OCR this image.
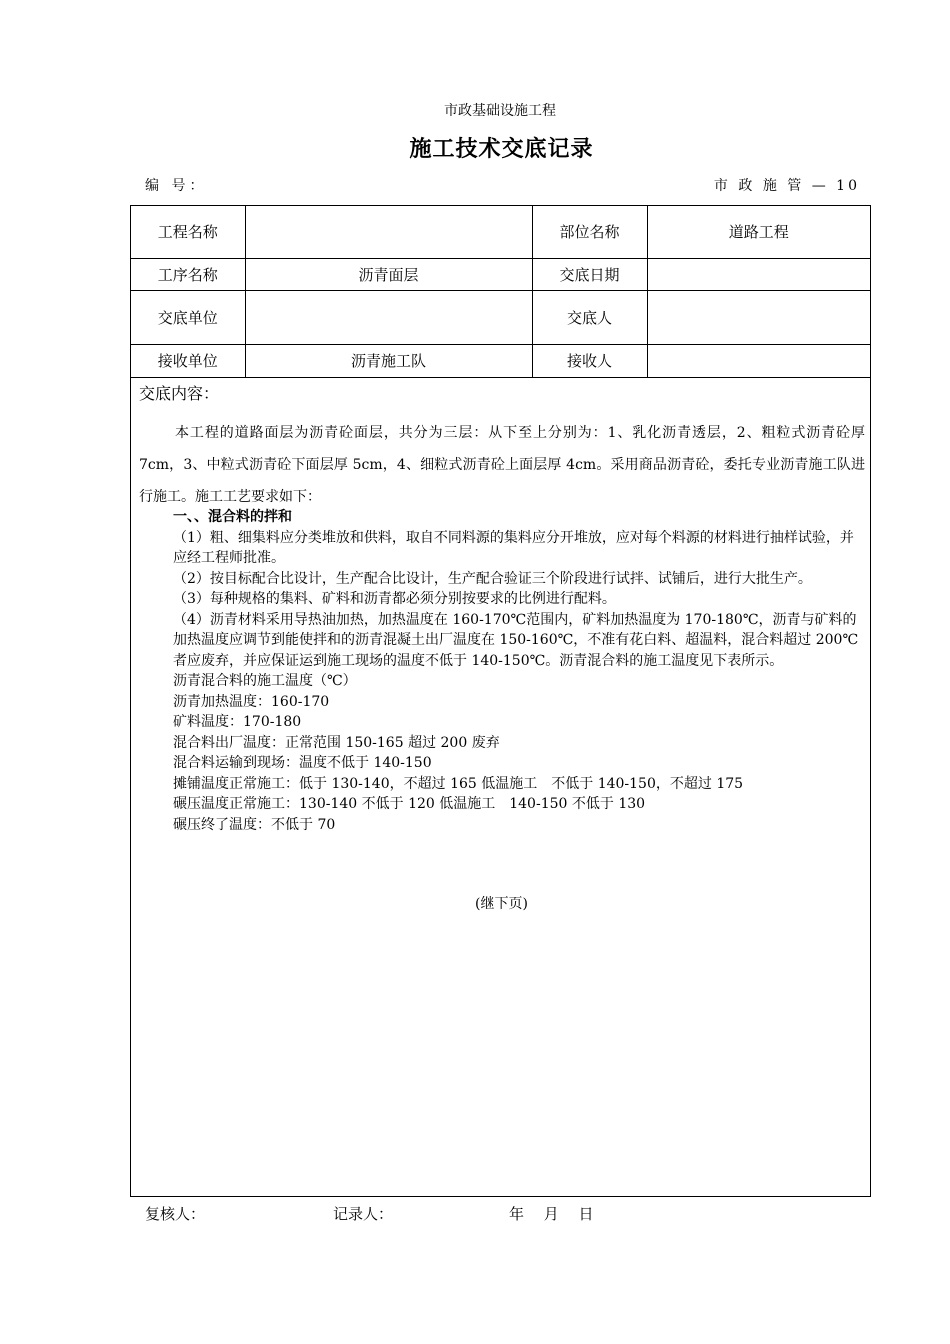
市政基础设施工程
施工技术交底记录
编 号：	市 政 施 管 — 10
工程名称		部位名称	道路工程
工序名称	沥青面层	交底日期	
交底单位		交底人	
接收单位	沥青施工队	接收人	
交底内容：
本工程的道路面层为沥青砼面层，共分为三层：从下至上分别为：1、乳化沥青透层，2、粗粒式沥青砼厚 7cm，3、中粒式沥青砼下面层厚 5cm，4、细粒式沥青砼上面层厚 4cm。采用商品沥青砼，委托专业沥青施工队进行施工。施工工艺要求如下：
一、、混合料的拌和
（1）粗、细集料应分类堆放和供料，取自不同料源的集料应分开堆放，应对每个料源的材料进行抽样试验，并应经工程师批准。
（2）按目标配合比设计，生产配合比设计，生产配合验证三个阶段进行试拌、试铺后，进行大批生产。
（3）每种规格的集料、矿料和沥青都必须分别按要求的比例进行配料。
（4）沥青材料采用导热油加热，加热温度在 160-170℃范围内，矿料加热温度为 170-180℃，沥青与矿料的加热温度应调节到能使拌和的沥青混凝土出厂温度在 150-160℃，不准有花白料、超温料，混合料超过 200℃者应废弃，并应保证运到施工现场的温度不低于 140-150℃。沥青混合料的施工温度见下表所示。
沥青混合料的施工温度（℃）
沥青加热温度：160-170
矿料温度：170-180
混合料出厂温度：正常范围 150-165 超过 200 废弃
混合料运输到现场：温度不低于 140-150
摊铺温度正常施工：低于 130-140，不超过 165 低温施工　不低于 140-150，不超过 175
碾压温度正常施工：130-140 不低于 120 低温施工　140-150 不低于 130
碾压终了温度：不低于 70
(继下页)
复核人：	记录人：	年　 月　 日
